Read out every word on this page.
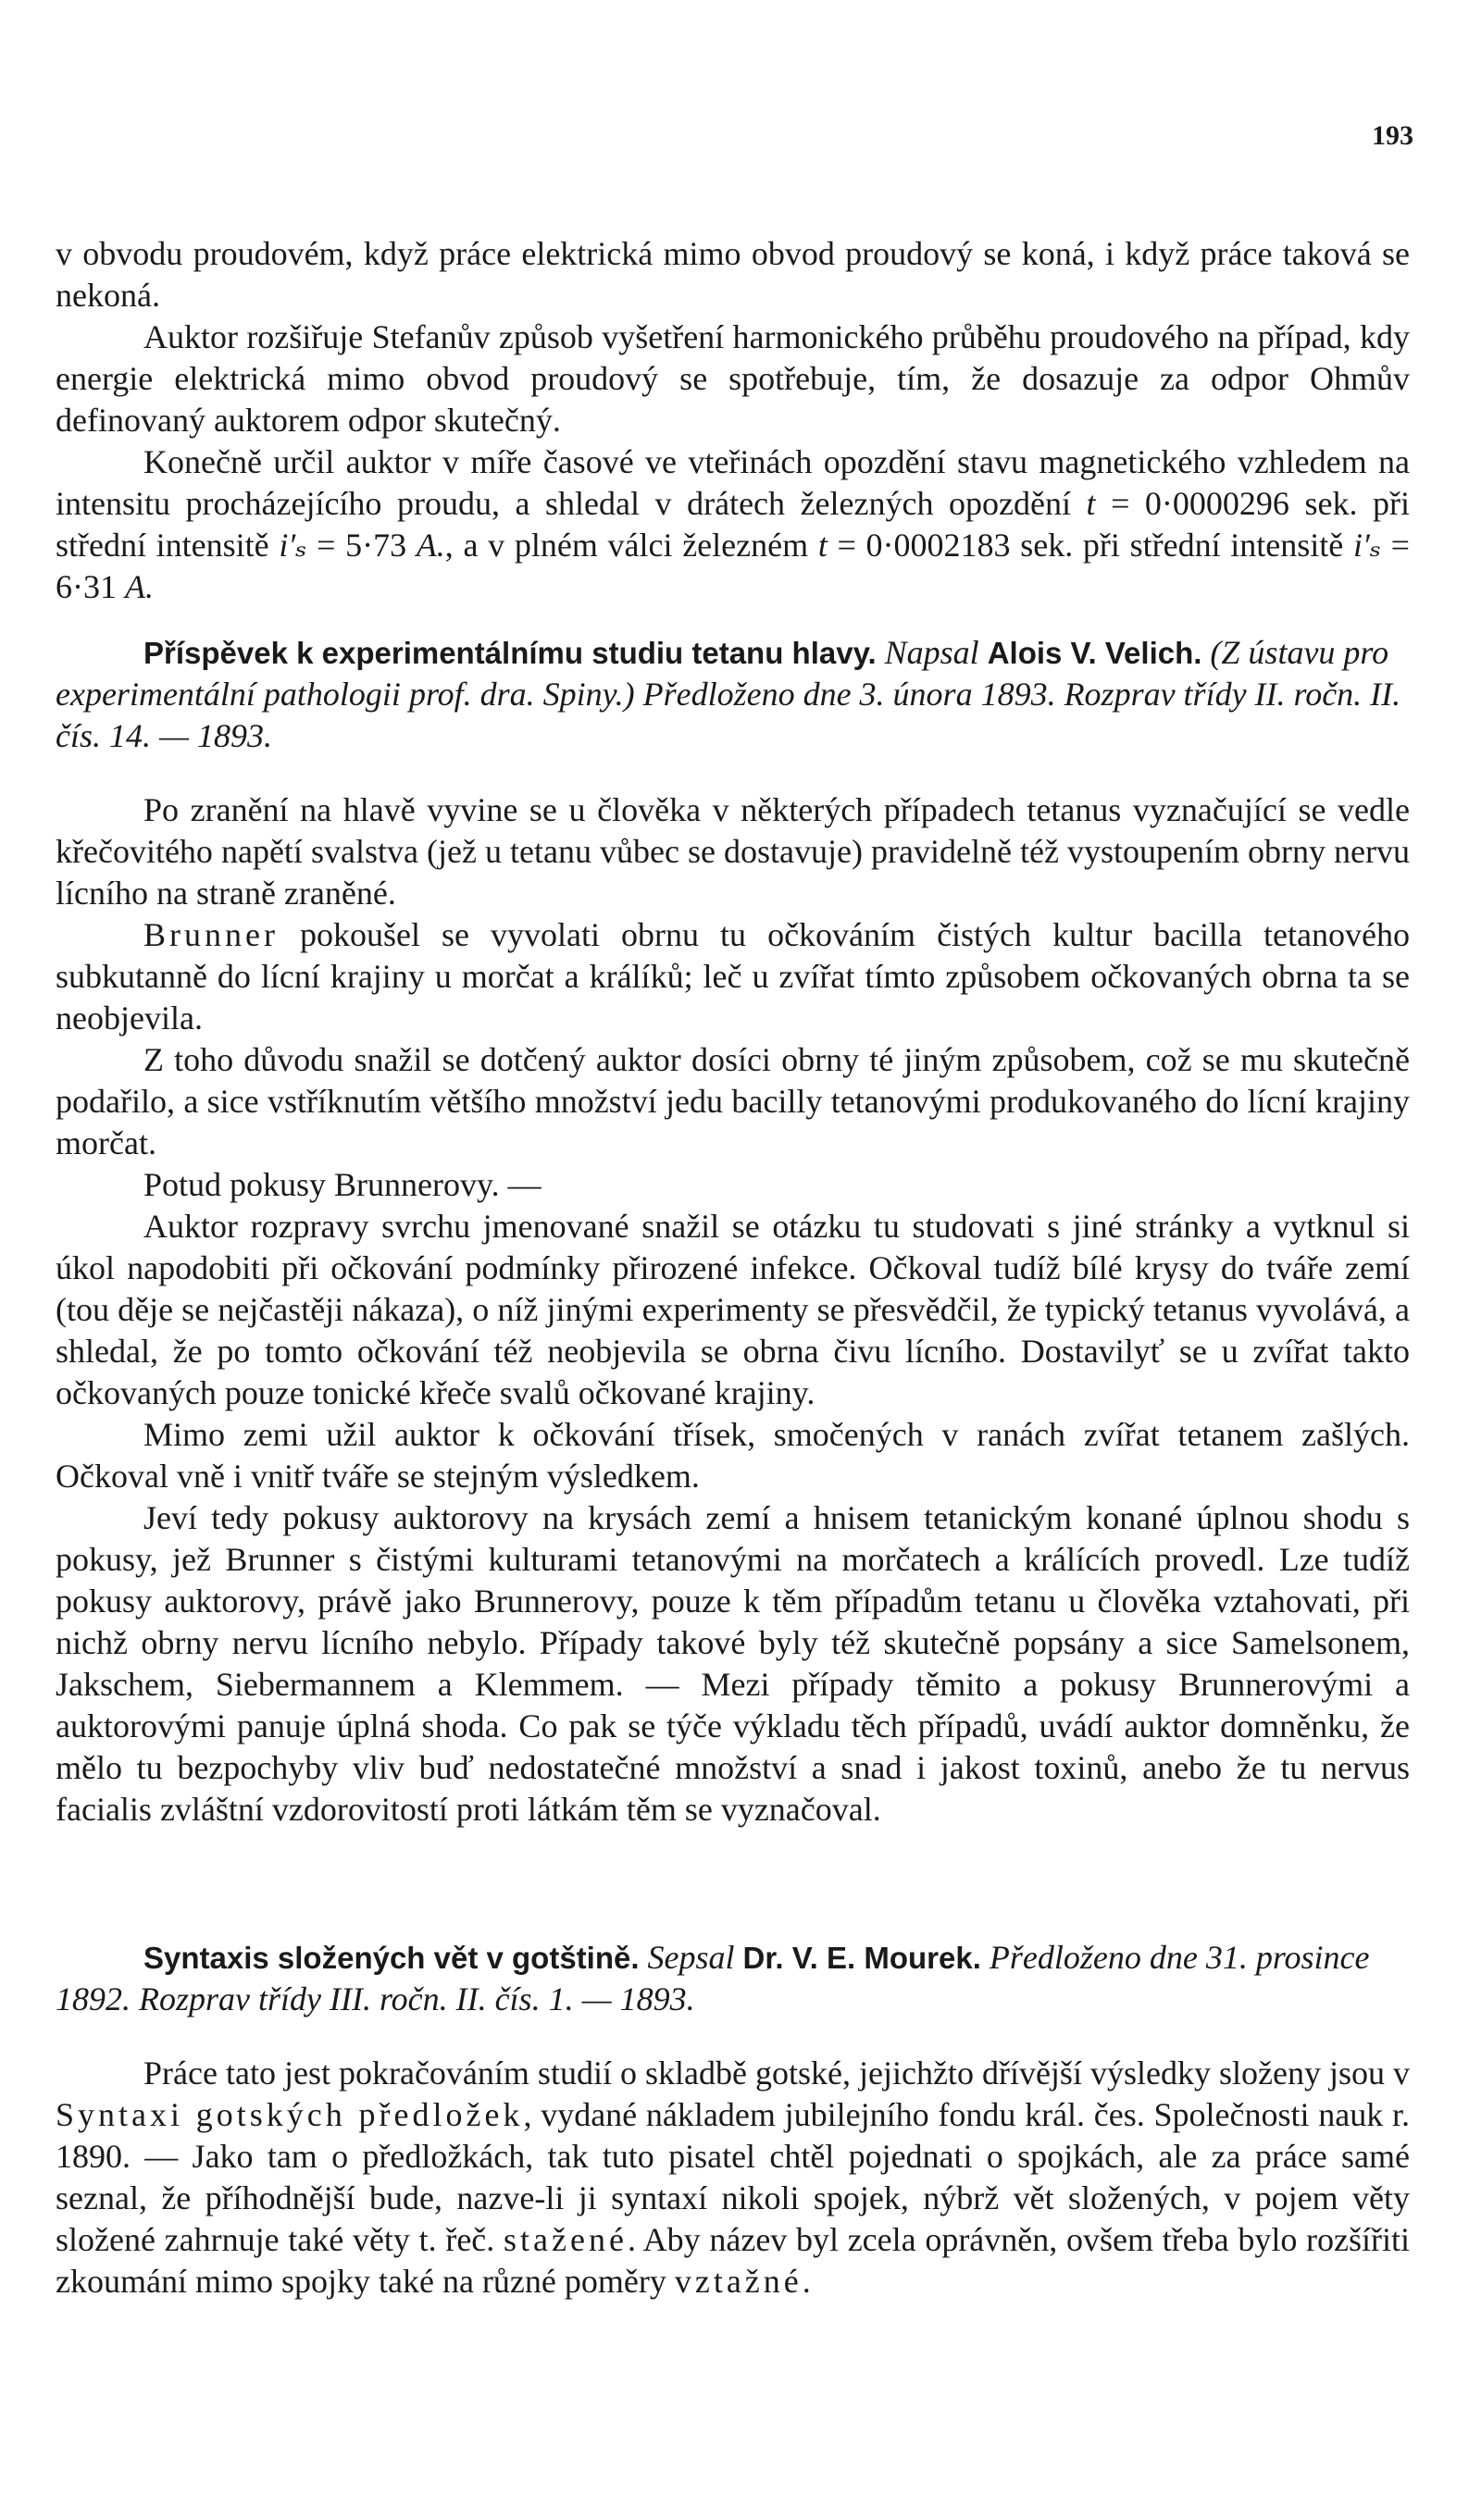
193

v obvodu proudovém, když práce elektrická mimo obvod proudový se koná, i když práce taková se nekoná.

Auktor rozšiřuje Stefanův způsob vyšetření harmonického průběhu proudového na případ, kdy energie elektrická mimo obvod proudový se spotřebuje, tím, že dosazuje za odpor Ohmův definovaný auktorem odpor skutečný.

Konečně určil auktor v míře časové ve vteřinách opozdění stavu magnetického vzhledem na intensitu procházejícího proudu, a shledal v drátech železných opozdění t = 0·0000296 sek. při střední intensitě i′ₛ = 5·73 A., a v plném válci železném t = 0·0002183 sek. při střední intensitě i′ₛ = 6·31 A.

Příspěvek k experimentálnímu studiu tetanu hlavy. Napsal Alois V. Velich. (Z ústavu pro experimentální pathologii prof. dra. Spiny.) Předloženo dne 3. února 1893. Rozprav třídy II. ročn. II. čís. 14. — 1893.

Po zranění na hlavě vyvine se u člověka v některých případech tetanus vyznačující se vedle křečovitého napětí svalstva (jež u tetanu vůbec se dostavuje) pravidelně též vystoupením obrny nervu lícního na straně zraněné.

Brunner pokoušel se vyvolati obrnu tu očkováním čistých kultur bacilla tetanového subkutanně do lícní krajiny u morčat a králíků; leč u zvířat tímto způsobem očkovaných obrna ta se neobjevila.

Z toho důvodu snažil se dotčený auktor dosíci obrny té jiným způsobem, což se mu skutečně podařilo, a sice vstříknutím většího množství jedu bacilly tetanovými produkovaného do lícní krajiny morčat.

Potud pokusy Brunnerovy. —

Auktor rozpravy svrchu jmenované snažil se otázku tu studovati s jiné stránky a vytknul si úkol napodobiti při očkování podmínky přirozené infekce. Očkoval tudíž bílé krysy do tváře zemí (tou děje se nejčastěji nákaza), o níž jinými experimenty se přesvědčil, že typický tetanus vyvolává, a shledal, že po tomto očkování též neobjevila se obrna čivu lícního. Dostavilyť se u zvířat takto očkovaných pouze tonické křeče svalů očkované krajiny.

Mimo zemi užil auktor k očkování třísek, smočených v ranách zvířat tetanem zašlých. Očkoval vně i vnitř tváře se stejným výsledkem.

Jeví tedy pokusy auktorovy na krysách zemí a hnisem tetanickým konané úplnou shodu s pokusy, jež Brunner s čistými kulturami tetanovými na morčatech a králících provedl. Lze tudíž pokusy auktorovy, právě jako Brunnerovy, pouze k těm případům tetanu u člověka vztahovati, při nichž obrny nervu lícního nebylo. Případy takové byly též skutečně popsány a sice Samelsonem, Jakschem, Siebermannem a Klemmem. — Mezi případy těmito a pokusy Brunnerovými a auktorovými panuje úplná shoda. Co pak se týče výkladu těch případů, uvádí auktor domněnku, že mělo tu bezpochyby vliv buď nedostatečné množství a snad i jakost toxinů, anebo že tu nervus facialis zvláštní vzdorovitostí proti látkám těm se vyznačoval.

Syntaxis složených vět v gotštině. Sepsal Dr. V. E. Mourek. Předloženo dne 31. prosince 1892. Rozprav třídy III. ročn. II. čís. 1. — 1893.

Práce tato jest pokračováním studií o skladbě gotské, jejichžto dřívější výsledky složeny jsou v Syntaxi gotských předložek, vydané nákladem jubilejního fondu král. čes. Společnosti nauk r. 1890. — Jako tam o předložkách, tak tuto pisatel chtěl pojednati o spojkách, ale za práce samé seznal, že příhodnější bude, nazve-li ji syntaxí nikoli spojek, nýbrž vět složených, v pojem věty složené zahrnuje také věty t. řeč. stažené. Aby název byl zcela oprávněn, ovšem třeba bylo rozšířiti zkoumání mimo spojky také na různé poměry vztažné.
